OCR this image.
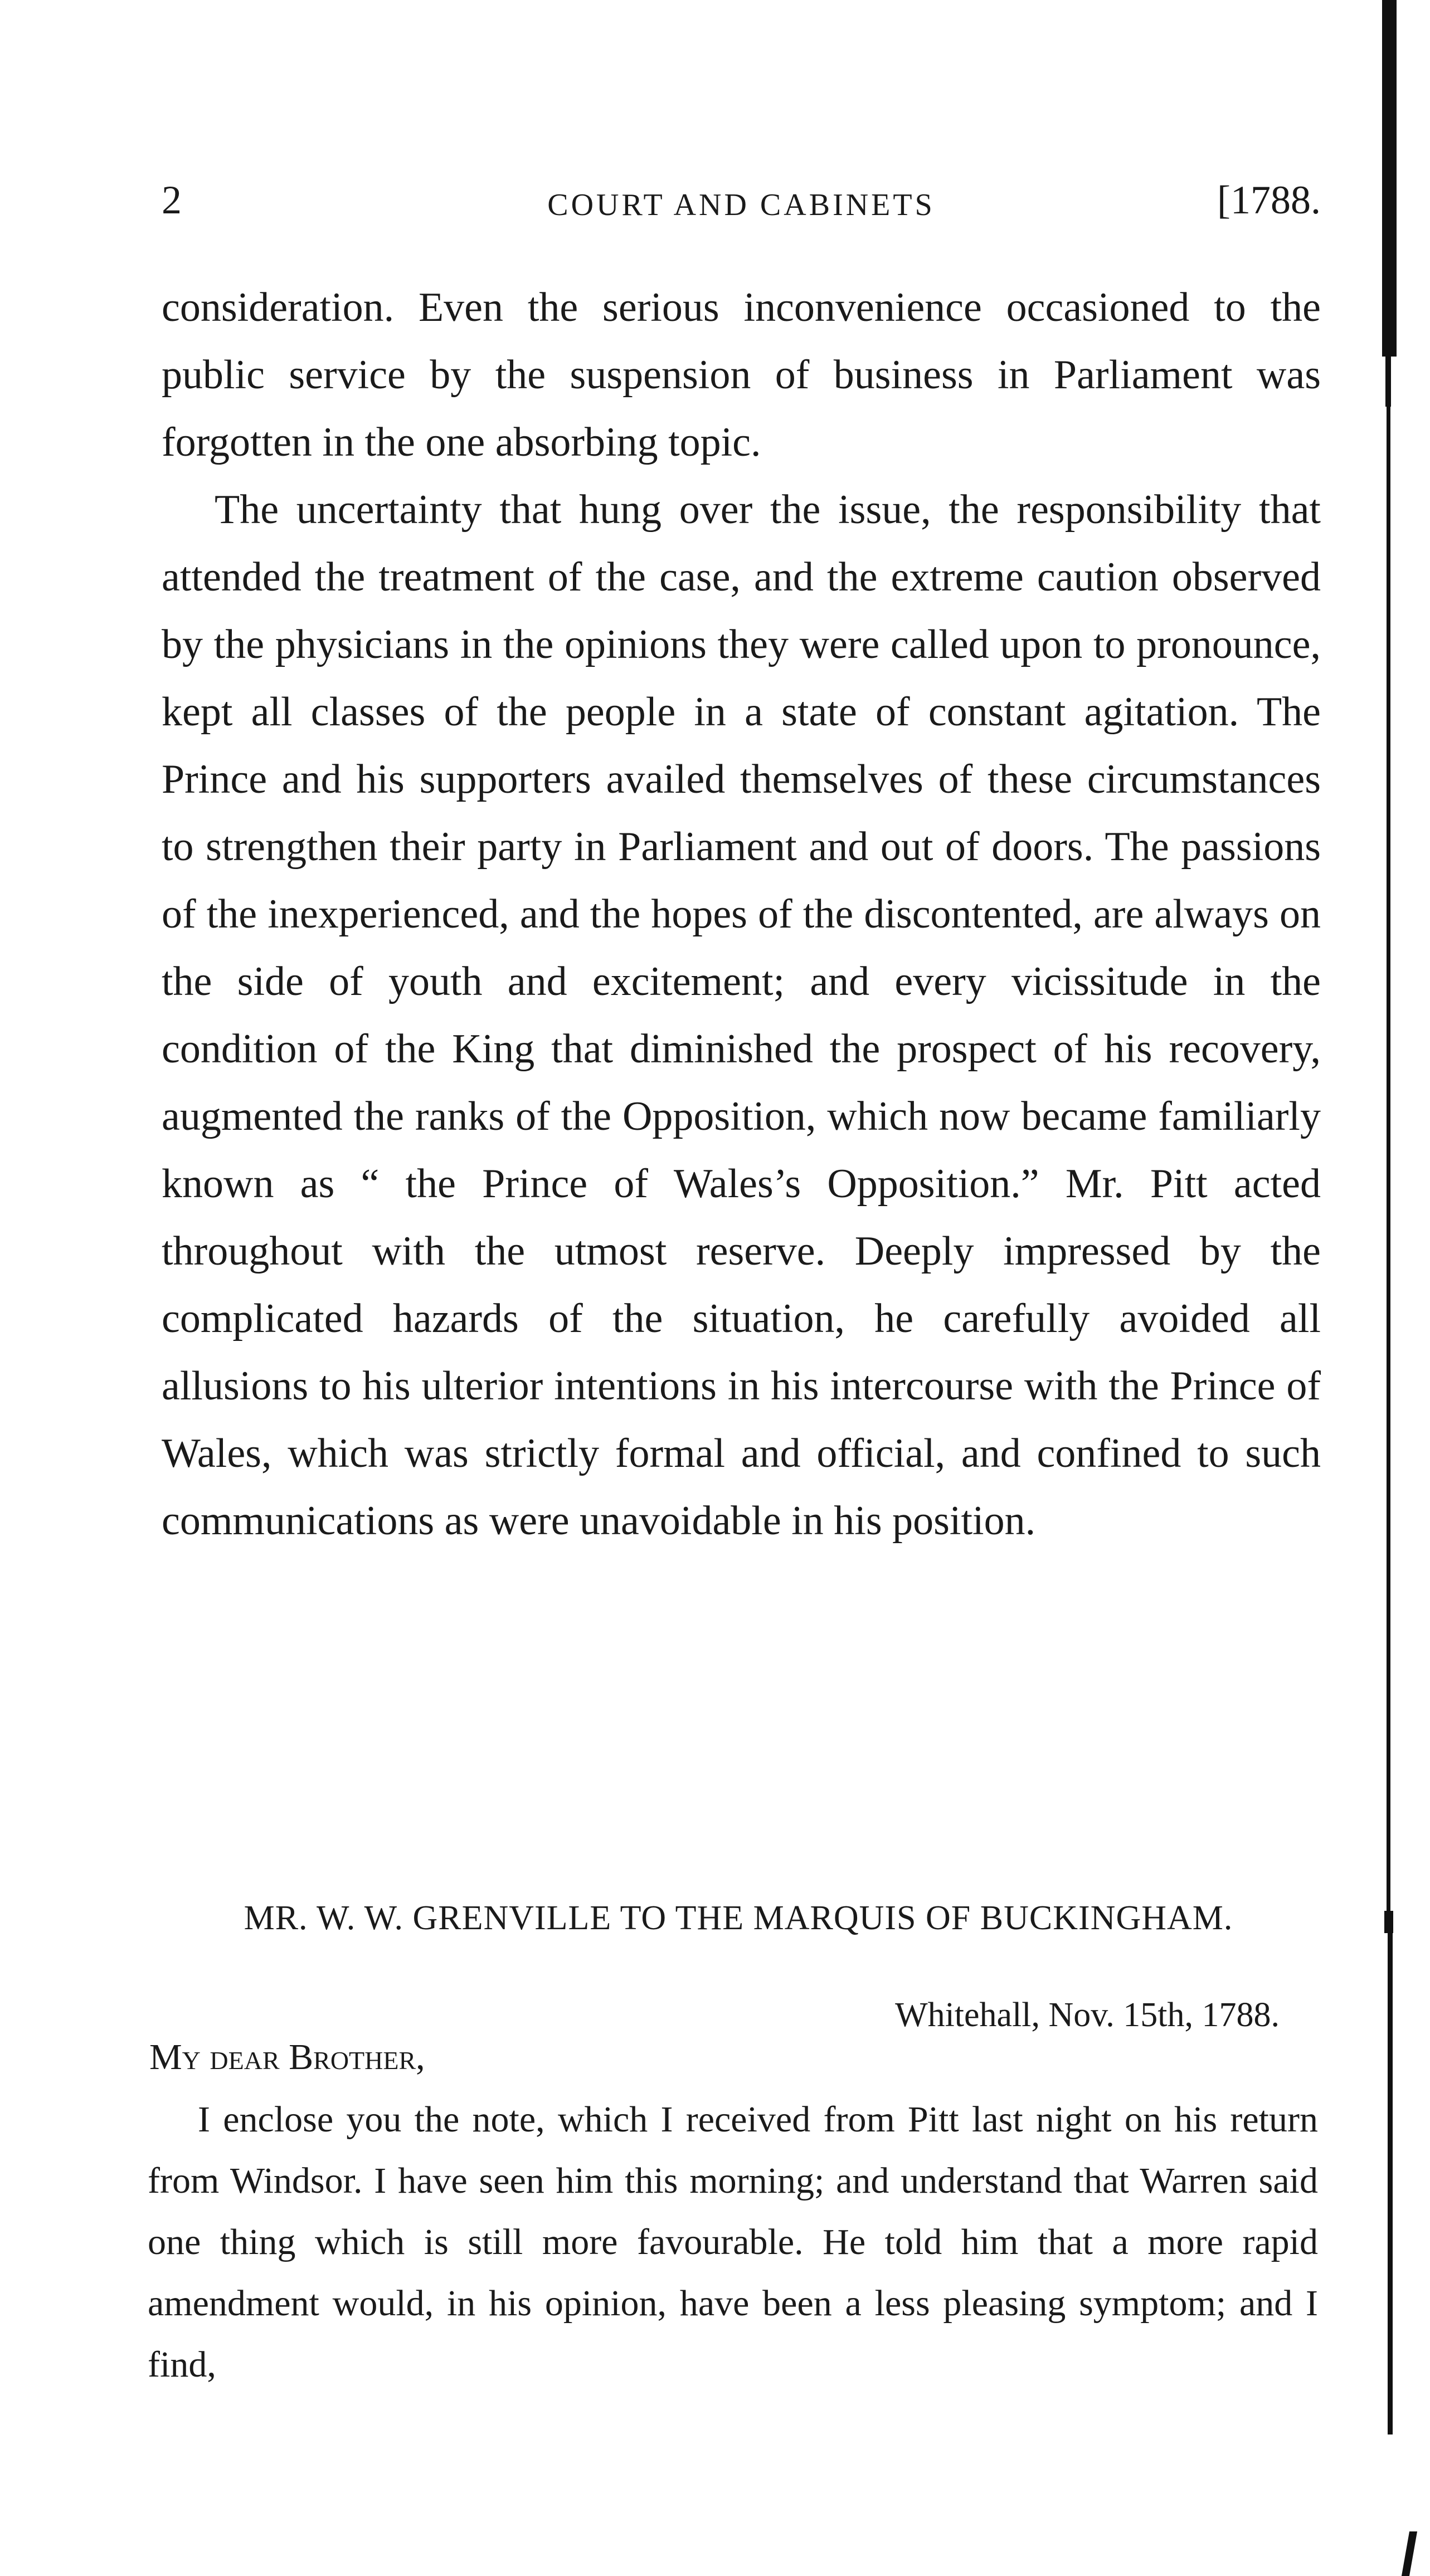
2	COURT AND CABINETS	[1788.

consideration. Even the serious inconvenience occasioned to the public service by the suspension of business in Parliament was forgotten in the one absorbing topic.

The uncertainty that hung over the issue, the responsibility that attended the treatment of the case, and the extreme caution observed by the physicians in the opinions they were called upon to pronounce, kept all classes of the people in a state of constant agitation. The Prince and his supporters availed themselves of these circumstances to strengthen their party in Parliament and out of doors. The passions of the inexperienced, and the hopes of the discontented, are always on the side of youth and excitement; and every vicissitude in the condition of the King that diminished the prospect of his recovery, augmented the ranks of the Opposition, which now became familiarly known as “ the Prince of Wales’s Opposition.” Mr. Pitt acted throughout with the utmost reserve. Deeply impressed by the complicated hazards of the situation, he carefully avoided all allusions to his ulterior intentions in his intercourse with the Prince of Wales, which was strictly formal and official, and confined to such communications as were unavoidable in his position.

MR. W. W. GRENVILLE TO THE MARQUIS OF BUCKINGHAM.
Whitehall, Nov. 15th, 1788.
My dear Brother,

I enclose you the note, which I received from Pitt last night on his return from Windsor. I have seen him this morning; and understand that Warren said one thing which is still more favourable. He told him that a more rapid amendment would, in his opinion, have been a less pleasing symptom; and I find,
